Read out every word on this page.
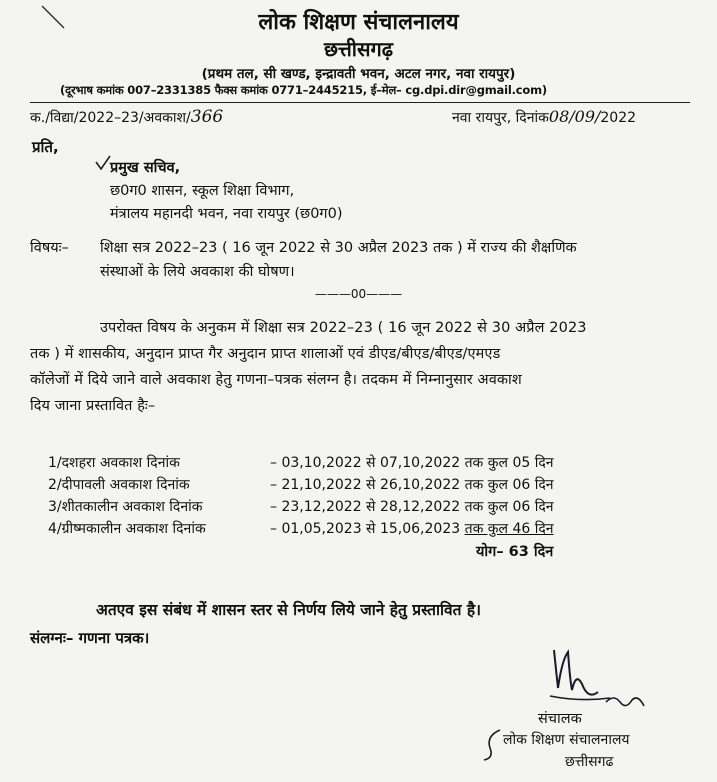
लोक शिक्षण संचालनालय
छत्तीसगढ़
(प्रथम तल, सी खण्ड, इन्द्रावती भवन, अटल नगर, नवा रायपुर)
(दूरभाष कमांक 007–2331385 फैक्स कमांक 0771–2445215, ई–मेल– cg.dpi.dir@gmail.com)
क./विद्या/2022–23/अवकाश/366	नवा रायपुर, दिनांक08/09/2022
प्रति,
प्रमुख सचिव,
छ0ग0 शासन, स्कूल शिक्षा विभाग,
मंत्रालय महानदी भवन, नवा रायपुर (छ0ग0)
विषयः– शिक्षा सत्र 2022–23 ( 16 जून 2022 से 30 अप्रैल 2023 तक ) में राज्य की शैक्षणिक
संस्थाओं के लिये अवकाश की घोषण।
———00———
उपरोक्त विषय के अनुकम में शिक्षा सत्र 2022–23 ( 16 जून 2022 से 30 अप्रैल 2023
तक ) में शासकीय, अनुदान प्राप्त गैर अनुदान प्राप्त शालाओं एवं डीएड/बीएड/बीएड/एमएड
कॉलेजों में दिये जाने वाले अवकाश हेतु गणना–पत्रक संलग्न है। तदकम में निम्नानुसार अवकाश
दिय जाना प्रस्तावित हैः–
1/दशहरा अवकाश दिनांक	– 03,10,2022 से 07,10,2022 तक कुल 05 दिन
2/दीपावली अवकाश दिनांक	– 21,10,2022 से 26,10,2022 तक कुल 06 दिन
3/शीतकालीन अवकाश दिनांक	– 23,12,2022 से 28,12,2022 तक कुल 06 दिन
4/ग्रीष्मकालीन अवकाश दिनांक	– 01,05,2023 से 15,06,2023 तक कुल 46 दिन
योग– 63 दिन
अतएव इस संबंध में शासन स्तर से निर्णय लिये जाने हेतु प्रस्तावित है।
संलग्नः– गणना पत्रक।
संचालक
लोक शिक्षण संचालनालय
छत्तीसगढ
